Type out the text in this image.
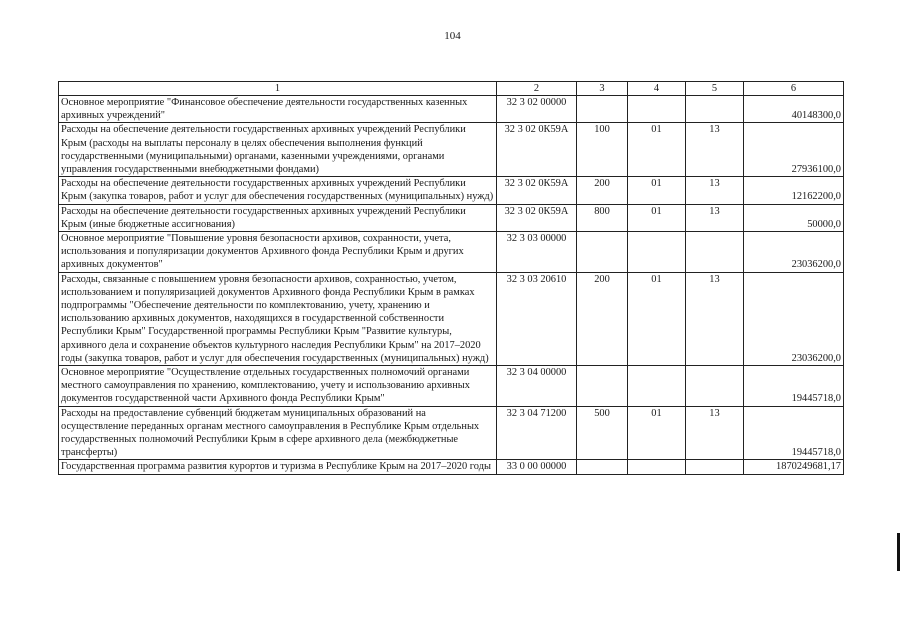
104
1	2	3	4	5	6
Основное мероприятие "Финансовое обеспечение деятельности государственных казенных архивных учреждений"	32 3 02 00000				40148300,0
Расходы на обеспечение деятельности государственных архивных учреждений Республики Крым (расходы на выплаты персоналу в целях обеспечения выполнения функций государственными (муниципальными) органами, казенными учреждениями, органами управления государственными внебюджетными фондами)	32 3 02 0К59А	100	01	13	27936100,0
Расходы на обеспечение деятельности государственных архивных учреждений Республики Крым (закупка товаров, работ и услуг для обеспечения государственных (муниципальных) нужд)	32 3 02 0К59А	200	01	13	12162200,0
Расходы на обеспечение деятельности государственных архивных учреждений Республики Крым (иные бюджетные ассигнования)	32 3 02 0К59А	800	01	13	50000,0
Основное мероприятие "Повышение уровня безопасности архивов, сохранности, учета, использования и популяризации документов Архивного фонда Республики Крым и других архивных документов"	32 3 03 00000				23036200,0
Расходы, связанные с повышением уровня безопасности архивов, сохранностью, учетом, использованием и популяризацией документов Архивного фонда Республики Крым в рамках подпрограммы "Обеспечение деятельности по комплектованию, учету, хранению и использованию архивных документов, находящихся в государственной собственности Республики Крым" Государственной программы Республики Крым "Развитие культуры, архивного дела и сохранение объектов культурного наследия Республики Крым" на 2017–2020 годы (закупка товаров, работ и услуг для обеспечения государственных (муниципальных) нужд)	32 3 03 20610	200	01	13	23036200,0
Основное мероприятие "Осуществление отдельных государственных полномочий органами местного самоуправления по хранению, комплектованию, учету и использованию архивных документов государственной части Архивного фонда Республики Крым"	32 3 04 00000				19445718,0
Расходы на предоставление субвенций бюджетам муниципальных образований на осуществление переданных органам местного самоуправления в Республике Крым отдельных государственных полномочий Республики Крым в сфере архивного дела (межбюджетные трансферты)	32 3 04 71200	500	01	13	19445718,0
Государственная программа развития курортов и туризма в Республике Крым на 2017–2020 годы	33 0 00 00000				1870249681,17
